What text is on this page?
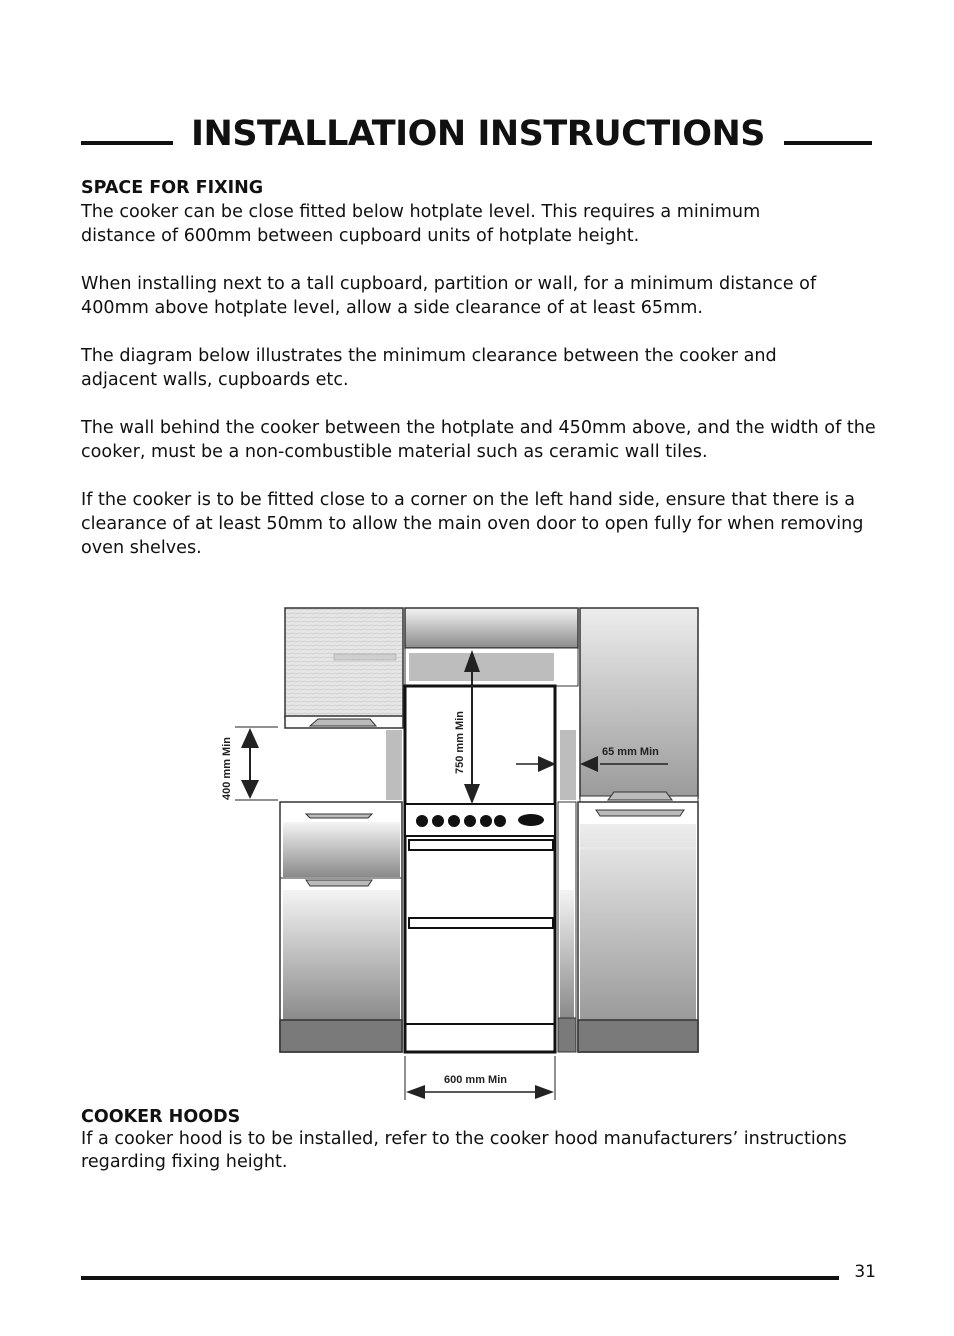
INSTALLATION INSTRUCTIONS
SPACE FOR FIXING

The cooker can be close fitted below hotplate level. This requires a minimum distance of 600mm between cupboard units of hotplate height.

When installing next to a tall cupboard, partition or wall, for a minimum distance of 400mm above hotplate level, allow a side clearance of at least 65mm.

The diagram below illustrates the minimum clearance between the cooker and adjacent walls, cupboards etc.

The wall behind the cooker between the hotplate and 450mm above, and the width of the cooker, must be a non-combustible material such as ceramic wall tiles.

If the cooker is to be fitted close to a corner on the left hand side, ensure that there is a clearance of at least 50mm to allow the main oven door to open fully for when removing oven shelves.

400 mm Min	750 mm Min	65 mm Min
600 mm Min
COOKER HOODS

If a cooker hood is to be installed, refer to the cooker hood manufacturers’ instructions regarding fixing height.

31
